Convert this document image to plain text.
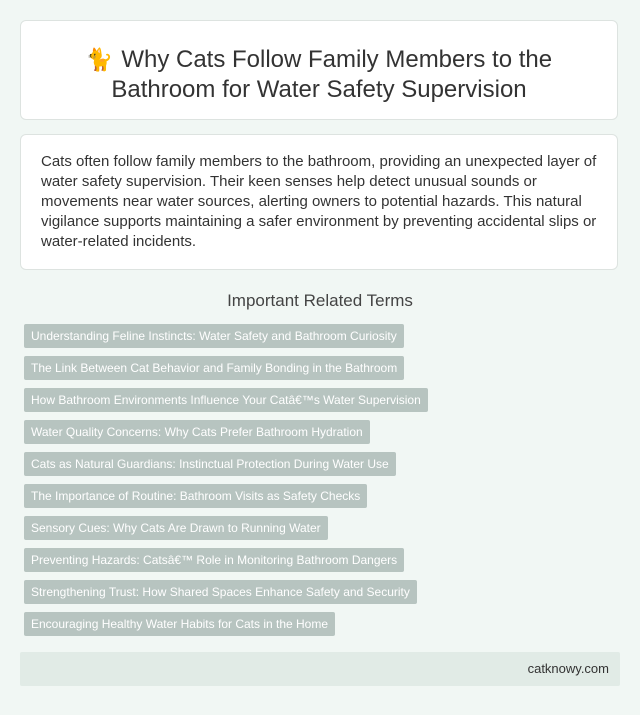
🐈 Why Cats Follow Family Members to the Bathroom for Water Safety Supervision

Cats often follow family members to the bathroom, providing an unexpected layer of water safety supervision. Their keen senses help detect unusual sounds or movements near water sources, alerting owners to potential hazards. This natural vigilance supports maintaining a safer environment by preventing accidental slips or water-related incidents.

Important Related Terms
Understanding Feline Instincts: Water Safety and Bathroom Curiosity
The Link Between Cat Behavior and Family Bonding in the Bathroom
How Bathroom Environments Influence Your Catâ€™s Water Supervision
Water Quality Concerns: Why Cats Prefer Bathroom Hydration
Cats as Natural Guardians: Instinctual Protection During Water Use
The Importance of Routine: Bathroom Visits as Safety Checks
Sensory Cues: Why Cats Are Drawn to Running Water
Preventing Hazards: Catsâ€™ Role in Monitoring Bathroom Dangers
Strengthening Trust: How Shared Spaces Enhance Safety and Security
Encouraging Healthy Water Habits for Cats in the Home
catknowy.com
